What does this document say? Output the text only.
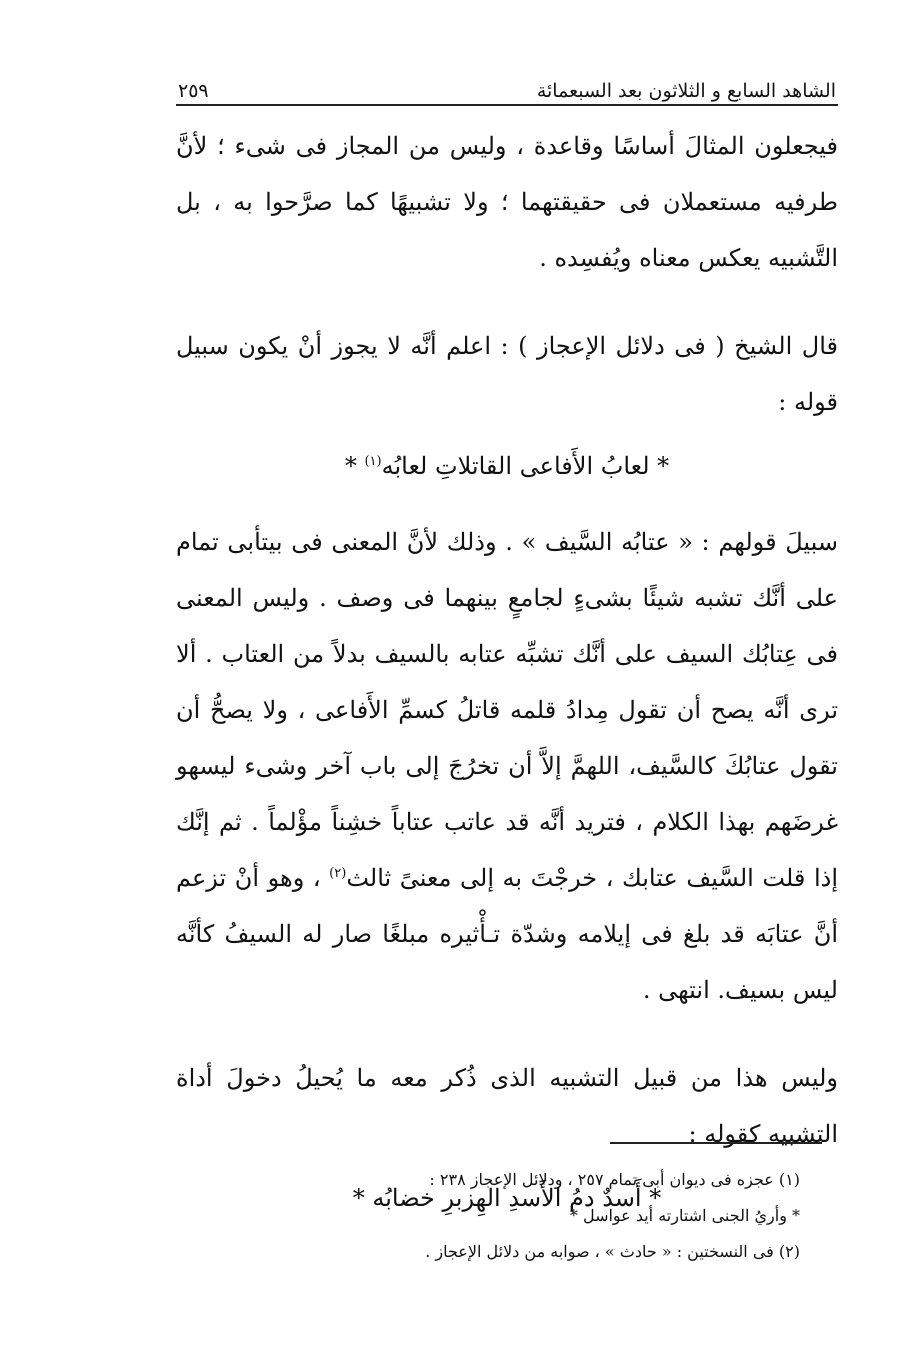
الشاهد السابع و الثلاثون بعد السبعمائة
٢٥٩

فيجعلون المثالَ أساسًا وقاعدة ، وليس من المجاز فى شىء ؛ لأنَّ طرفيه مستعملان فى حقيقتهما ؛ ولا تشبيهًا كما صرَّحوا به ، بل التَّشبيه يعكس معناه ويُفسِده .

قال الشيخ ( فى دلائل الإعجاز ) : اعلم أنَّه لا يجوز أنْ يكون سبيل قوله :

* لعابُ الأَفاعى القاتلاتِ لعابُه$^{(١)}$ *

سبيلَ قولهم : « عتابُه السَّيف » . وذلك لأنَّ المعنى فى بيتأبى تمام على أنَّك تشبه شيئًا بشىءٍ لجامعٍ بينهما فى وصف . وليس المعنى فى عِتابُك السيف على أنَّك تشبِّه عتابه بالسيف بدلاً من العتاب . ألا ترى أنَّه يصح أن تقول مِدادُ قلمه قاتلُ كسمِّ الأَفاعى ، ولا يصحُّ أن تقول عتابُكَ كالسَّيف، اللهمَّ إلاَّ أن تخرُجَ إلى باب آخر وشىء ليسهو غرضَهم بهذا الكلام ، فتريد أنَّه قد عاتب عتاباً خشِناً مؤْلماً . ثم إنَّك إذا قلت السَّيف عتابك ، خرجْتَ به إلى معنىً ثالث$^{(٢)}$ ، وهو أنْ تزعم أنَّ عتابَه قد بلغ فى إيلامه وشدّة تـأْثيره مبلغًا صار له السيفُ كأنَّه ليس بسيف. انتهى .

وليس هذا من قبيل التشبيه الذى ذُكر معه ما يُحيلُ دخولَ أداة التشبيه كقوله :

* أَسدٌ دمُ الأَسدِ الهِزبرِ خضابُه *

(١) عجزه فى ديوان أبى تمام ٢٥٧ ، ودلائل الإعجاز ٢٣٨ :

* وأريُ الجنى اشتارته أيد عواسل *

(٢) فى النسختين : « حادث » ، صوابه من دلائل الإعجاز .
